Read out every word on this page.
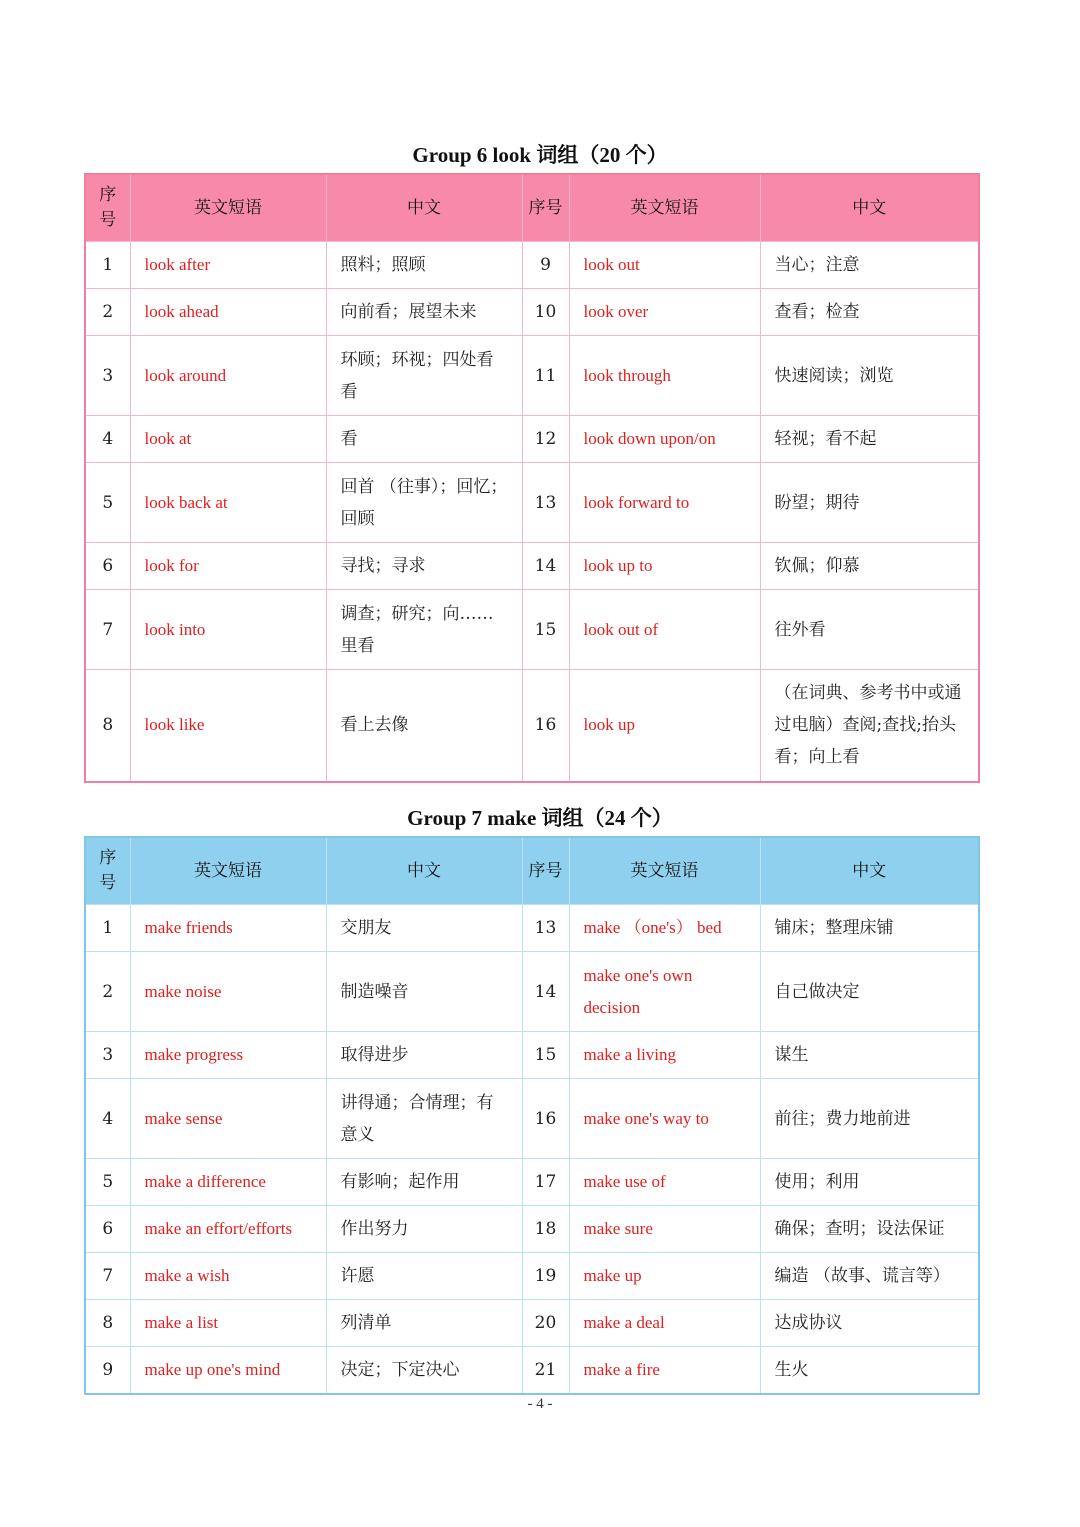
Group 6 look 词组（20 个）
序号	英文短语	中文	序号	英文短语	中文
1	look after	照料；照顾	9	look out	当心；注意
2	look ahead	向前看；展望未来	10	look over	查看；检查
3	look around	环顾；环视；四处看看	11	look through	快速阅读；浏览
4	look at	看	12	look down upon/on	轻视；看不起
5	look back at	回首 （往事）；回忆；回顾	13	look forward to	盼望；期待
6	look for	寻找；寻求	14	look up to	钦佩；仰慕
7	look into	调查；研究；向……里看	15	look out of	往外看
8	look like	看上去像	16	look up	（在词典、参考书中或通过电脑）查阅;查找;抬头看；向上看
Group 7 make 词组（24 个）
序号	英文短语	中文	序号	英文短语	中文
1	make friends	交朋友	13	make （one's） bed	铺床；整理床铺
2	make noise	制造噪音	14	make one's own decision	自己做决定
3	make progress	取得进步	15	make a living	谋生
4	make sense	讲得通；合情理；有意义	16	make one's way to	前往；费力地前进
5	make a difference	有影响；起作用	17	make use of	使用；利用
6	make an effort/efforts	作出努力	18	make sure	确保；查明；设法保证
7	make a wish	许愿	19	make up	编造 （故事、谎言等）
8	make a list	列清单	20	make a deal	达成协议
9	make up one's mind	决定；下定决心	21	make a fire	生火
- 4 -
